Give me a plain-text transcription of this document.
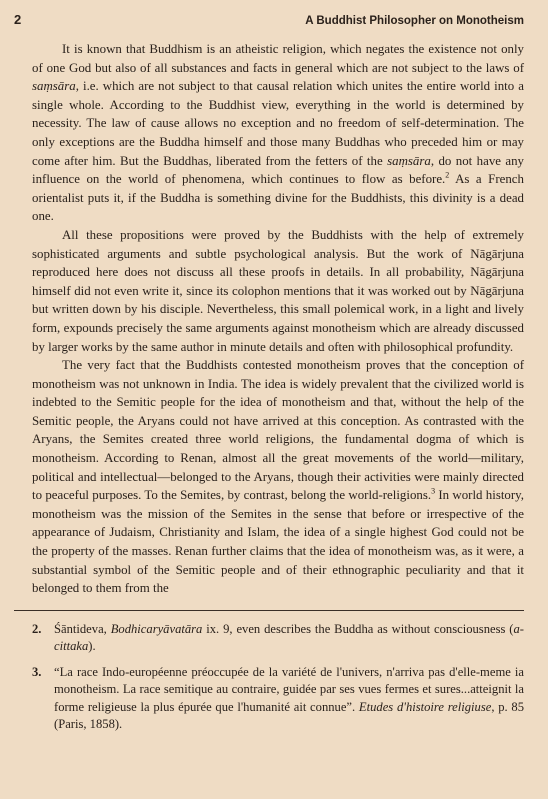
2	A Buddhist Philosopher on Monotheism

It is known that Buddhism is an atheistic religion, which negates the existence not only of one God but also of all substances and facts in general which are not subject to the laws of saṃsāra, i.e. which are not subject to that causal relation which unites the entire world into a single whole. According to the Buddhist view, everything in the world is determined by necessity. The law of cause allows no exception and no freedom of self-determination. The only exceptions are the Buddha himself and those many Buddhas who preceded him or may come after him. But the Buddhas, liberated from the fetters of the saṃsāra, do not have any influence on the world of phenomena, which continues to flow as before.$^2$ As a French orientalist puts it, if the Buddha is something divine for the Buddhists, this divinity is a dead one.

All these propositions were proved by the Buddhists with the help of extremely sophisticated arguments and subtle psychological analysis. But the work of Nāgārjuna reproduced here does not discuss all these proofs in details. In all probability, Nāgārjuna himself did not even write it, since its colophon mentions that it was worked out by Nāgārjuna but written down by his disciple. Nevertheless, this small polemical work, in a light and lively form, expounds precisely the same arguments against monotheism which are already discussed by larger works by the same author in minute details and often with philosophical profundity.

The very fact that the Buddhists contested monotheism proves that the conception of monotheism was not unknown in India. The idea is widely prevalent that the civilized world is indebted to the Semitic people for the idea of monotheism and that, without the help of the Semitic people, the Aryans could not have arrived at this conception. As contrasted with the Aryans, the Semites created three world religions, the fundamental dogma of which is monotheism. According to Renan, almost all the great movements of the world—military, political and intellectual—belonged to the Aryans, though their activities were mainly directed to peaceful purposes. To the Semites, by contrast, belong the world-religions.$^3$ In world history, monotheism was the mission of the Semites in the sense that before or irrespective of the appearance of Judaism, Christianity and Islam, the idea of a single highest God could not be the property of the masses. Renan further claims that the idea of monotheism was, as it were, a substantial symbol of the Semitic people and of their ethnographic peculiarity and that it belonged to them from the

2. Śāntideva, Bodhicaryāvatāra ix. 9, even describes the Buddha as without consciousness (a-cittaka).
3. “La race Indo-européenne préoccupée de la variété de l'univers, n'arriva pas d'elle-meme ia monotheism. La race semitique au contraire, guidée par ses vues fermes et sures...atteignit la forme religieuse la plus épurée que l'humanité ait connue”. Etudes d'histoire religiuse, p. 85 (Paris, 1858).
